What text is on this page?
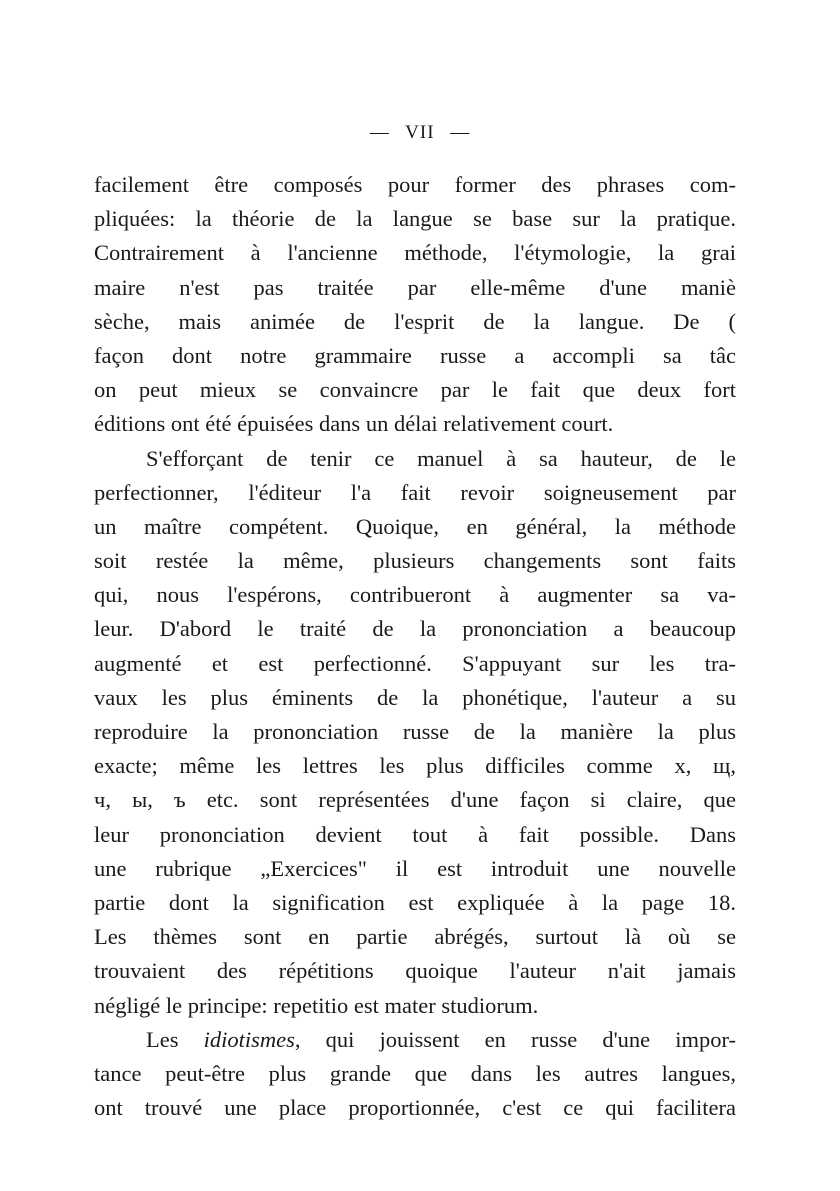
— VII —
facilement être composés pour former des phrases com-
pliquées: la théorie de la langue se base sur la pratique.
Contrairement à l'ancienne méthode, l'étymologie, la grai
maire n'est pas traitée par elle-même d'une maniè
sèche, mais animée de l'esprit de la langue. De (
façon dont notre grammaire russe a accompli sa tâc
on peut mieux se convaincre par le fait que deux fort
éditions ont été épuisées dans un délai relativement court.
S'efforçant de tenir ce manuel à sa hauteur, de le
perfectionner, l'éditeur l'a fait revoir soigneusement par
un maître compétent. Quoique, en général, la méthode
soit restée la même, plusieurs changements sont faits
qui, nous l'espérons, contribueront à augmenter sa va-
leur. D'abord le traité de la prononciation a beaucoup
augmenté et est perfectionné. S'appuyant sur les tra-
vaux les plus éminents de la phonétique, l'auteur a su
reproduire la prononciation russe de la manière la plus
exacte; même les lettres les plus difficiles comme x, щ,
ч, ы, ъ etc. sont représentées d'une façon si claire, que
leur prononciation devient tout à fait possible. Dans
une rubrique „Exercices" il est introduit une nouvelle
partie dont la signification est expliquée à la page 18.
Les thèmes sont en partie abrégés, surtout là où se
trouvaient des répétitions quoique l'auteur n'ait jamais
négligé le principe: repetitio est mater studiorum.
Les idiotismes, qui jouissent en russe d'une impor-
tance peut-être plus grande que dans les autres langues,
ont trouvé une place proportionnée, c'est ce qui facilitera
